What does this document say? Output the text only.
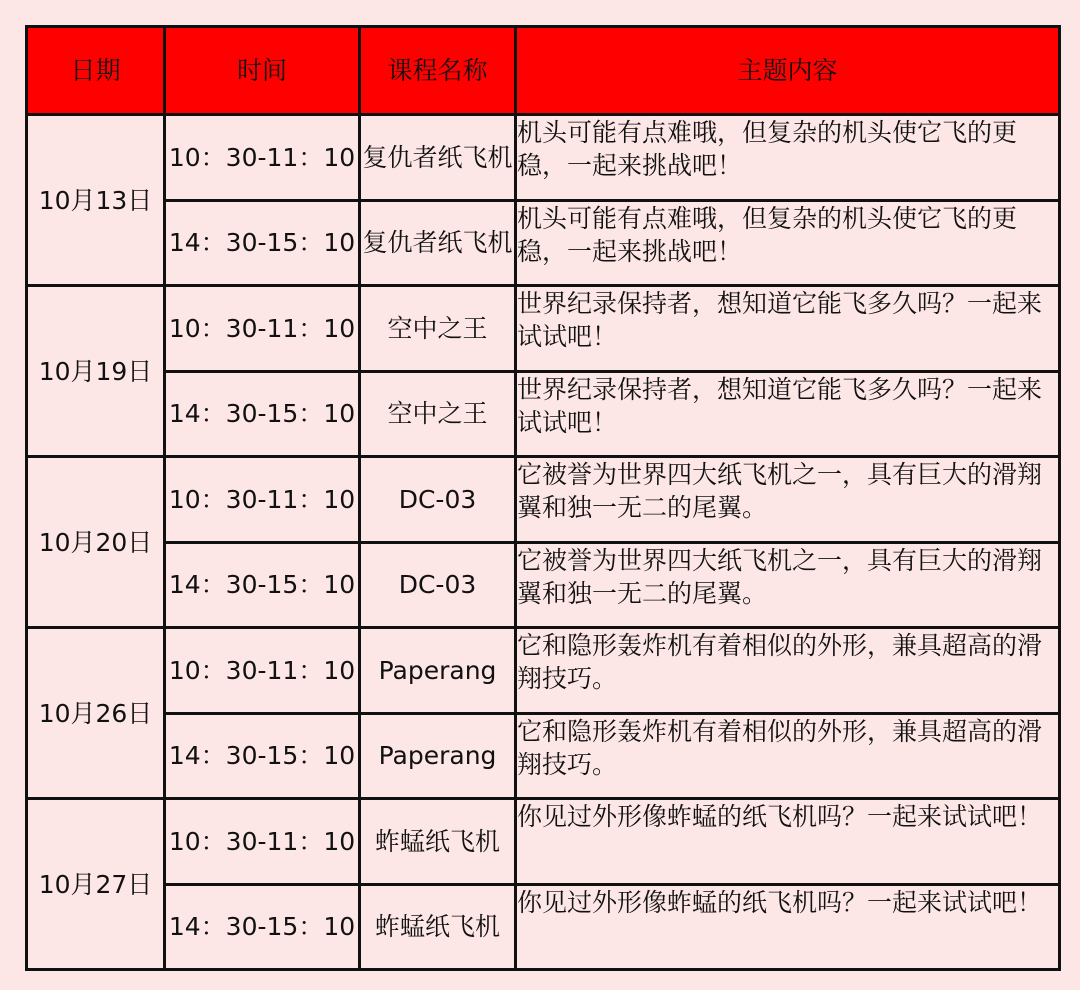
日期	时间	课程名称	主题内容
10月13日	10：30-11：10	复仇者纸飞机	机头可能有点难哦，但复杂的机头使它飞的更稳，一起来挑战吧！
	14：30-15：10	复仇者纸飞机	机头可能有点难哦，但复杂的机头使它飞的更稳，一起来挑战吧！
10月19日	10：30-11：10	空中之王	世界纪录保持者，想知道它能飞多久吗？一起来试试吧！
	14：30-15：10	空中之王	世界纪录保持者，想知道它能飞多久吗？一起来试试吧！
10月20日	10：30-11：10	DC-03	它被誉为世界四大纸飞机之一，具有巨大的滑翔翼和独一无二的尾翼。
	14：30-15：10	DC-03	它被誉为世界四大纸飞机之一，具有巨大的滑翔翼和独一无二的尾翼。
10月26日	10：30-11：10	Paperang	它和隐形轰炸机有着相似的外形，兼具超高的滑翔技巧。
	14：30-15：10	Paperang	它和隐形轰炸机有着相似的外形，兼具超高的滑翔技巧。
10月27日	10：30-11：10	蚱蜢纸飞机	你见过外形像蚱蜢的纸飞机吗？一起来试试吧！
	14：30-15：10	蚱蜢纸飞机	你见过外形像蚱蜢的纸飞机吗？一起来试试吧！
